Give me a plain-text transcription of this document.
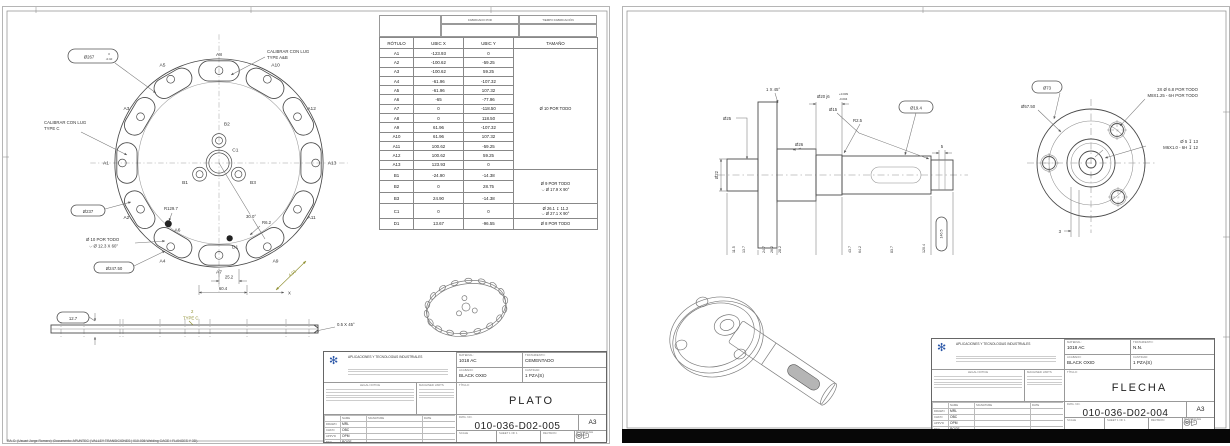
A1
A2
A3
A4
A5
A6
A7
A8
A9
A10
A11
A12
A13
B1
B2
B3
C1
D1
Ø267
0
-0.10
CALIBRAR CON LUG
TYPE A&B
CALIBRAR CON LUG
TYPE C
Ø237
Ø 10 POR TODO
⌵ Ø 12.3 X 60°
Ø247.50
R129.7
30.0°
R6.2
4.01
25.2
60.4
X
12.7
2
TYPE C
0.5 X 45°
FABRICADO POR	TIEMPO FABRICACIÓN
RÓTULO	UBIC X	UBIC Y	TAMAÑO
A1	-123.93	0	Ø 10 POR TODO

A2	-100.62	-59.25	
A3	-100.62	59.25	
A4	-61.96	-107.32	
A5	-61.96	107.32	
A6	-65	-77.96	
A7	0	-118.50	
A8	0	118.50	
A9	61.96	-107.32	
A10	61.96	107.32	
A11	100.62	-59.25	
A12	100.62	59.25	
A13	123.93	0	
B1	-24.90	-14.38	Ø 9 POR TODO
⌵ Ø 17.9 X 90°

B2	0	28.75	
B3	24.90	-14.38	
C1	0	0	Ø 26.1 ↧ 11.2
⌵ Ø 27.1 X 90°

D1	13.67	-96.55	Ø 8 POR TODO
✻	APLICACIONES Y TECNOLOGIAS INDUSTRIALES	MATERIAL:
1018 AC
ACABADO:
BLACK OXID
TRATAMIENTO:
CEMENTADO
CANTIDAD:
1 PZA(S)
LEGAL NOTICE	MACHINED LIMITS	TÍTULO:
PLATO
NAME	SIGNATURE	DATE
DRAWN	MRL
CHK'D	OBC
APPV'D	OPM
MFG	ROGF
DWG. NO.
010-036-D02-005	A3
SCALE	SHEET 1 OF 1	REVISION	DO NOT SCALE DRAWING
RA-C: (Usuari Jorge Romero) ;Documento: APUNTEC | VALLEY TRANSICIONES | 010-036 Welding CAGE / FLANGES Y 3D).
1 X 45°
Ø25
Ø22
Ø26
Ø20 j6	+0.009
-0.004
Ø15
R2.5
Ø19.4
5
11.5 13.7	24.7 26.2 28.2	43.7 64.2	83.7	120.4
146.5
Ø73
Ø57.50
3X Ø 6.8 POR TODO
M8X1.25 - 6H POR TODO
Ø 5 ↧ 13
M6X1.0 - 6H ↧ 12
3
✻	APLICACIONES Y TECNOLOGIAS INDUSTRIALES	MATERIAL:
1018 AC
ACABADO:
BLACK OXID
TRATAMIENTO:
N.N.
CANTIDAD:
1 PZA(S)
LEGAL NOTICE	MACHINED LIMITS	TÍTULO:
FLECHA
NAME	SIGNATURE	DATE
DRAWN	MRL
CHK'D	OBC
APPV'D	OPM
MFG	ROGF
DWG. NO.
010-036-D02-004	A3
SCALE	SHEET 1 OF 1	REVISION	DO NOT SCALE DRAWING
